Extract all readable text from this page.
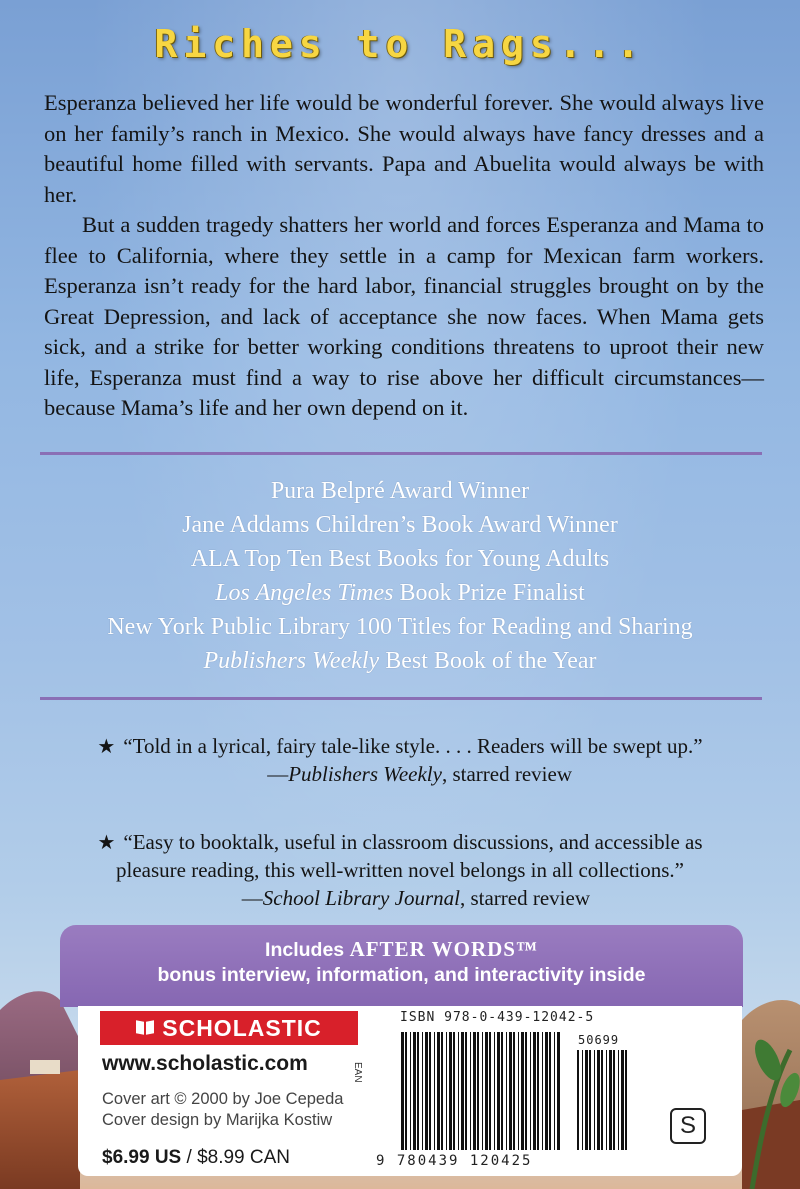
Riches to Rags...

Esperanza believed her life would be wonderful forever. She would always live on her family’s ranch in Mexico. She would always have fancy dresses and a beautiful home filled with servants. Papa and Abuelita would always be with her.

But a sudden tragedy shatters her world and forces Esperanza and Mama to flee to California, where they settle in a camp for Mexican farm workers. Esperanza isn’t ready for the hard labor, financial struggles brought on by the Great Depression, and lack of acceptance she now faces. When Mama gets sick, and a strike for better working conditions threatens to uproot their new life, Esperanza must find a way to rise above her difficult circumstances—because Mama’s life and her own depend on it.

Pura Belpré Award Winner
Jane Addams Children’s Book Award Winner
ALA Top Ten Best Books for Young Adults
Los Angeles Times Book Prize Finalist
New York Public Library 100 Titles for Reading and Sharing
Publishers Weekly Best Book of the Year
★ “Told in a lyrical, fairy tale-like style. . . . Readers will be swept up.”
—Publishers Weekly, starred review
★ “Easy to booktalk, useful in classroom discussions, and accessible as
pleasure reading, this well-written novel belongs in all collections.”
—School Library Journal, starred review
Includes AFTER WORDS™
bonus interview, information, and interactivity inside
SCHOLASTIC
www.scholastic.com
Cover art © 2000 by Joe Cepeda
Cover design by Marijka Kostiw
$6.99 US / $8.99 CAN
EAN
ISBN 978-0-439-12042-5
50699
9 780439 120425
S
